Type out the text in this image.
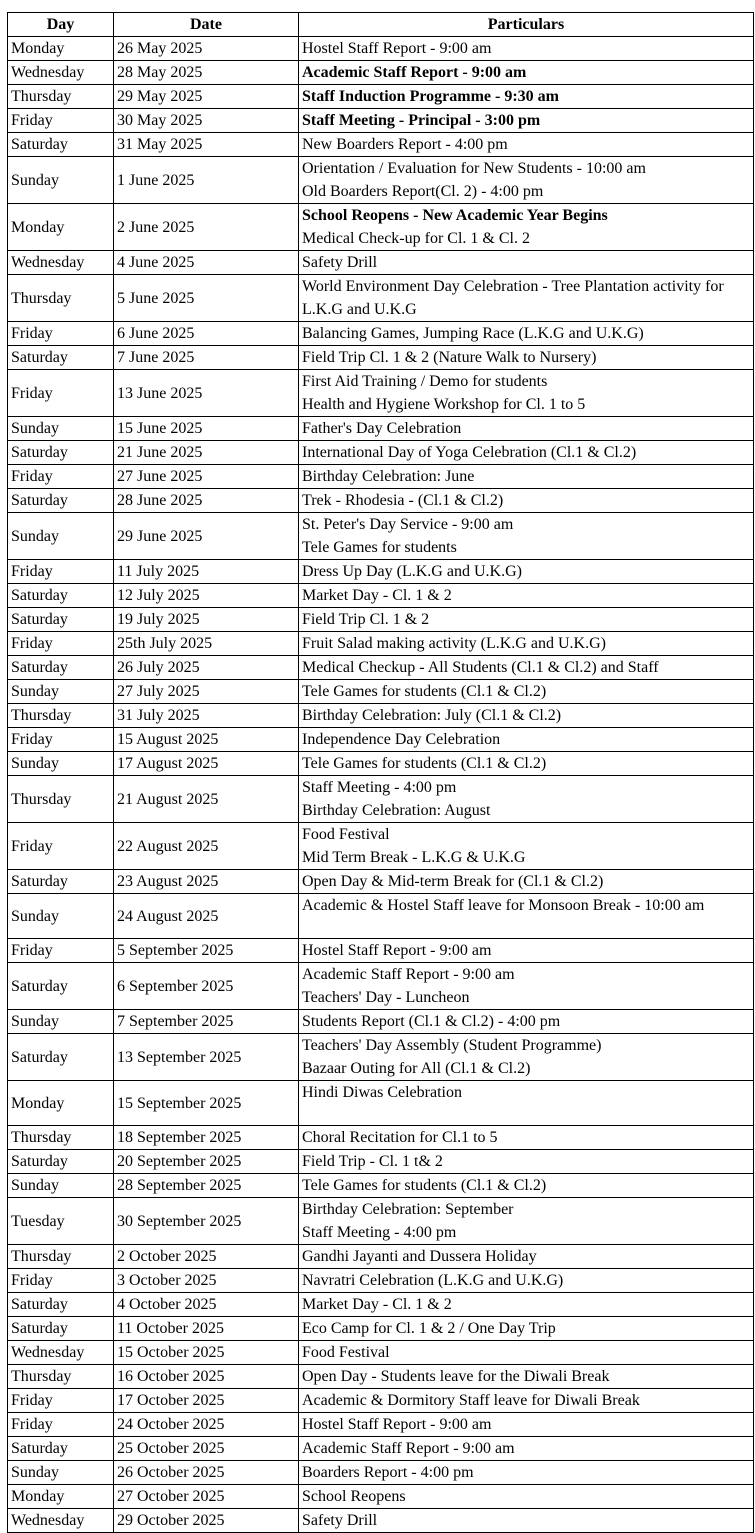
Day	Date	Particulars
Monday	26 May 2025	Hostel Staff Report - 9:00 am

Wednesday	28 May 2025	Academic Staff Report - 9:00 am

Thursday	29 May 2025	Staff Induction Programme - 9:30 am

Friday	30 May 2025	Staff Meeting - Principal - 3:00 pm

Saturday	31 May 2025	New Boarders Report - 4:00 pm

Sunday	1 June 2025	Orientation / Evaluation for New Students - 10:00 am
Old Boarders Report(Cl. 2) - 4:00 pm

Monday	2 June 2025	School Reopens - New Academic Year Begins
Medical Check-up for Cl. 1 & Cl. 2

Wednesday	4 June 2025	Safety Drill

Thursday	5 June 2025	World Environment Day Celebration - Tree Plantation activity for L.K.G and U.K.G

Friday	6 June 2025	Balancing Games, Jumping Race (L.K.G and U.K.G)

Saturday	7 June 2025	Field Trip Cl. 1 & 2 (Nature Walk to Nursery)

Friday	13 June 2025	First Aid Training / Demo for students
Health and Hygiene Workshop for Cl. 1 to 5

Sunday	15 June 2025	Father's Day Celebration

Saturday	21 June 2025	International Day of Yoga Celebration (Cl.1 & Cl.2)

Friday	27 June 2025	Birthday Celebration: June

Saturday	28 June 2025	Trek - Rhodesia - (Cl.1 & Cl.2)

Sunday	29 June 2025	St. Peter's Day Service - 9:00 am
Tele Games for students

Friday	11 July 2025	Dress Up Day (L.K.G and U.K.G)

Saturday	12 July 2025	Market Day - Cl. 1 & 2

Saturday	19 July 2025	Field Trip Cl. 1 & 2

Friday	25th July 2025	Fruit Salad making activity (L.K.G and U.K.G)

Saturday	26 July 2025	Medical Checkup - All Students (Cl.1 & Cl.2) and Staff

Sunday	27 July 2025	Tele Games for students (Cl.1 & Cl.2)

Thursday	31 July 2025	Birthday Celebration: July (Cl.1 & Cl.2)

Friday	15 August 2025	Independence Day Celebration

Sunday	17 August 2025	Tele Games for students (Cl.1 & Cl.2)

Thursday	21 August 2025	Staff Meeting - 4:00 pm
Birthday Celebration: August

Friday	22 August 2025	Food Festival
Mid Term Break - L.K.G & U.K.G

Saturday	23 August 2025	Open Day & Mid-term Break for (Cl.1 & Cl.2)

Sunday	24 August 2025	Academic & Hostel Staff leave for Monsoon Break - 10:00 am

Friday	5 September 2025	Hostel Staff Report - 9:00 am

Saturday	6 September 2025	Academic Staff Report - 9:00 am
Teachers' Day - Luncheon

Sunday	7 September 2025	Students Report (Cl.1 & Cl.2) - 4:00 pm

Saturday	13 September 2025	Teachers' Day Assembly (Student Programme)
Bazaar Outing for All (Cl.1 & Cl.2)

Monday	15 September 2025	Hindi Diwas Celebration

Thursday	18 September 2025	Choral Recitation for Cl.1 to 5

Saturday	20 September 2025	Field Trip - Cl. 1 t& 2

Sunday	28 September 2025	Tele Games for students (Cl.1 & Cl.2)

Tuesday	30 September 2025	Birthday Celebration: September
Staff Meeting - 4:00 pm

Thursday	2 October 2025	Gandhi Jayanti and Dussera Holiday

Friday	3 October 2025	Navratri Celebration (L.K.G and U.K.G)

Saturday	4 October 2025	Market Day - Cl. 1 & 2

Saturday	11 October 2025	Eco Camp for Cl. 1 & 2 / One Day Trip

Wednesday	15 October 2025	Food Festival

Thursday	16 October 2025	Open Day - Students leave for the Diwali Break

Friday	17 October 2025	Academic & Dormitory Staff leave for Diwali Break

Friday	24 October 2025	Hostel Staff Report - 9:00 am

Saturday	25 October 2025	Academic Staff Report - 9:00 am

Sunday	26 October 2025	Boarders Report - 4:00 pm

Monday	27 October 2025	School Reopens

Wednesday	29 October 2025	Safety Drill
